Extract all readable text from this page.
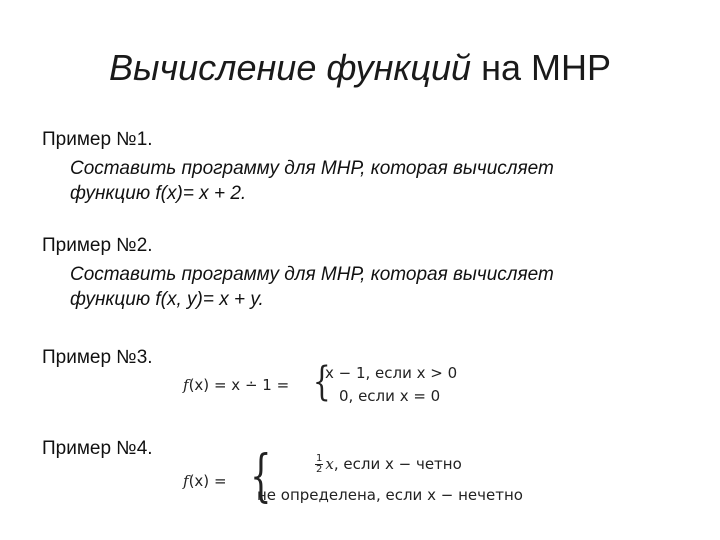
Вычисление функций на МНР
Пример №1.
Составить программу для МНР, которая вычисляет
функцию f(x)= x + 2.
Пример №2.
Составить программу для МНР, которая вычисляет
функцию f(x, y)= x + y.
Пример №3.
f(x) = x ∸ 1 = {
x − 1, если x > 0
0, если x = 0
Пример №4.
f(x) = {	$\frac{1}{2} x$, если x − четно
не определена, если x − нечетно
